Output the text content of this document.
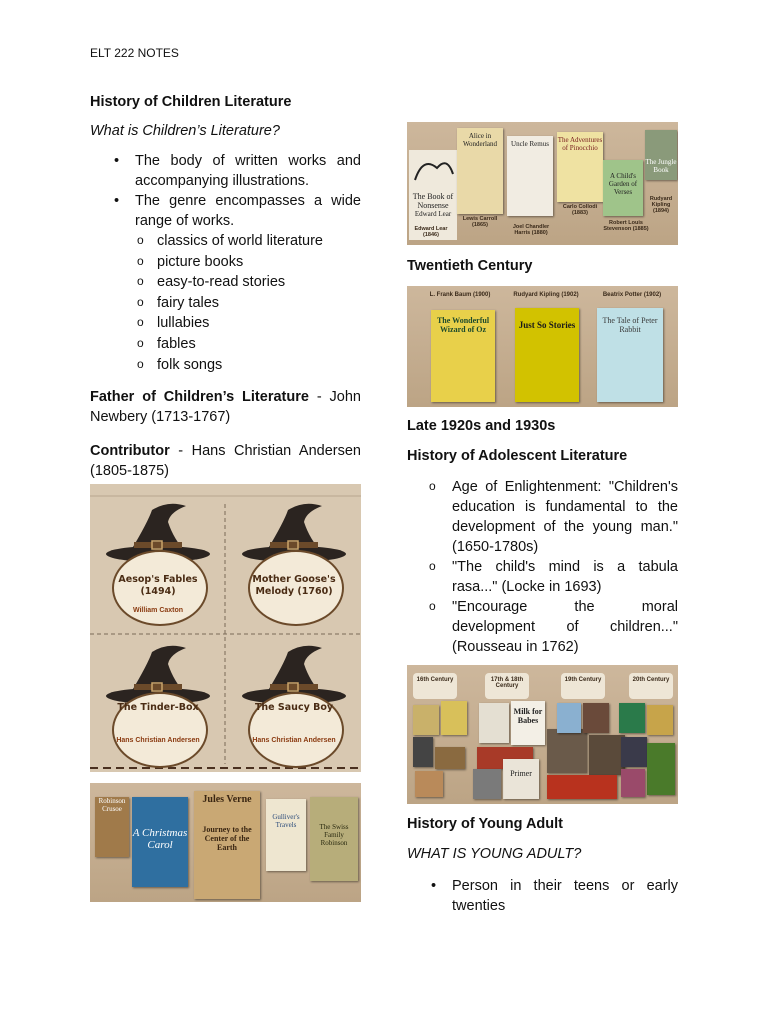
ELT 222 NOTES

History of Children Literature

What is Children’s Literature?

• The body of written works and accompanying illustrations.
• The genre encompasses a wide range of works.
o classics of world literature
o picture books
o easy-to-read stories
o fairy tales
o lullabies
o fables
o folk songs

Father of Children’s Literature - John Newbery (1713-1767)

Contributor - Hans Christian Andersen (1805-1875)

Aesop's Fables (1494)
William Caxton
Mother Goose's Melody (1760)
The Tinder-Box
Hans Christian Andersen
The Saucy Boy
Hans Christian Andersen
Robinson Crusoe
A Christmas Carol
Jules Verne
Journey to the Center of the Earth
Gulliver's Travels	The Swiss Family Robinson
The Book of Nonsense
Edward Lear
Alice in Wonderland	Uncle Remus	The Adventures of Pinocchio
A Child's Garden of Verses
The Jungle Book
Edward Lear (1846)
Lewis Carroll (1865)	Joel Chandler Harris (1880)
Carlo Collodi (1883)
Robert Louis Stevenson (1885)
Rudyard Kipling (1894)

Twentieth Century

L. Frank Baum (1900)	Rudyard Kipling (1902)	Beatrix Potter (1902)
The Wonderful Wizard of Oz	Just So Stories	The Tale of Peter Rabbit

Late 1920s and 1930s

History of Adolescent Literature

o Age of Enlightenment: "Children's education is fundamental to the development of the young man." (1650-1780s)
o "The child's mind is a tabula rasa..." (Locke in 1693)
o "Encourage the moral development of children..." (Rousseau in 1762)
16th Century	17th & 18th Century
19th Century	20th Century
Milk for Babes
Primer

History of Young Adult

WHAT IS YOUNG ADULT?

• Person in their teens or early twenties
